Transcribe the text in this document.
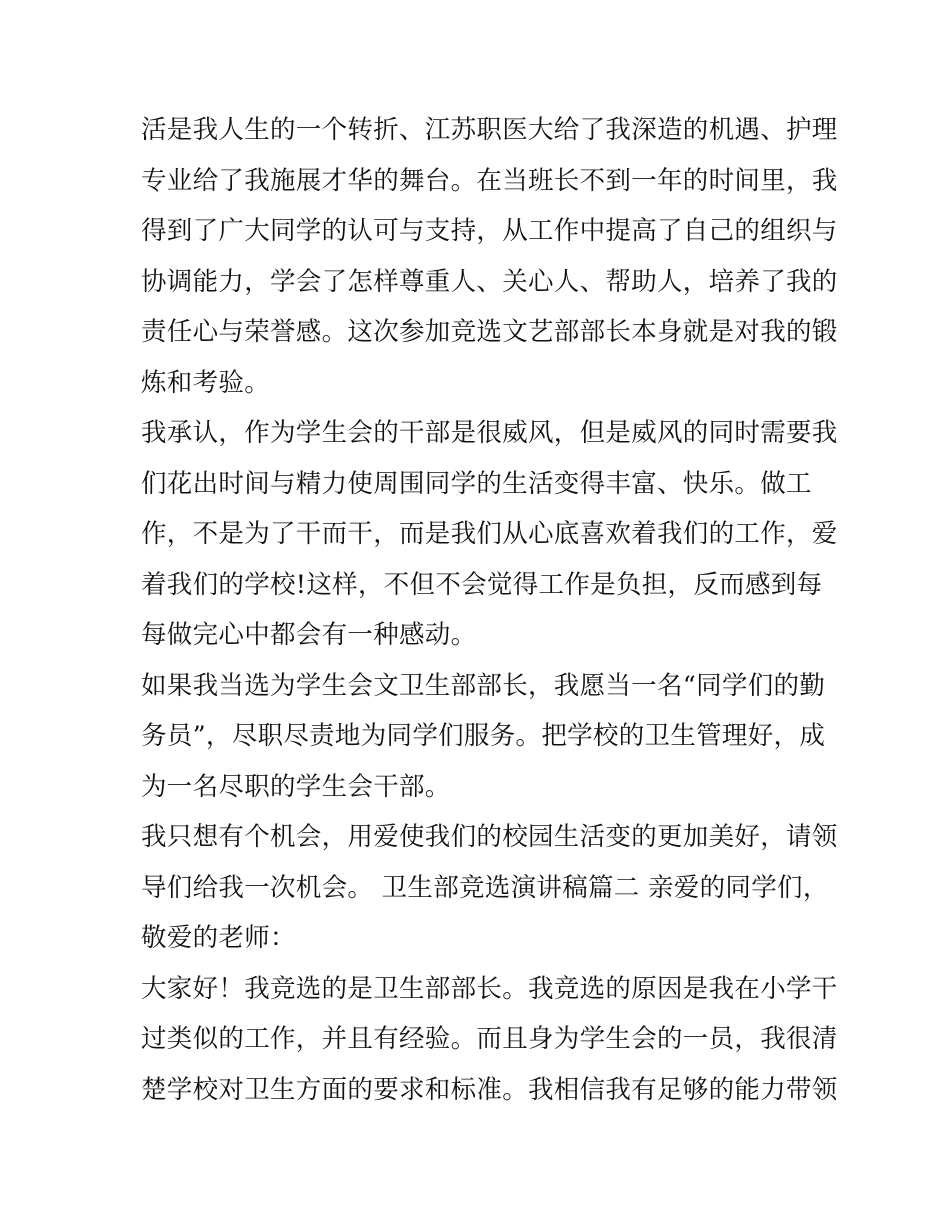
活是我人生的一个转折、江苏职医大给了我深造的机遇、护理
专业给了我施展才华的舞台。在当班长不到一年的时间里，我
得到了广大同学的认可与支持，从工作中提高了自己的组织与
协调能力，学会了怎样尊重人、关心人、帮助人，培养了我的
责任心与荣誉感。这次参加竞选文艺部部长本身就是对我的锻
炼和考验。
我承认，作为学生会的干部是很威风，但是威风的同时需要我
们花出时间与精力使周围同学的生活变得丰富、快乐。做工
作，不是为了干而干，而是我们从心底喜欢着我们的工作，爱
着我们的学校!这样，不但不会觉得工作是负担，反而感到每
每做完心中都会有一种感动。
如果我当选为学生会文卫生部部长，我愿当一名“同学们的勤
务员”，尽职尽责地为同学们服务。把学校的卫生管理好，成
为一名尽职的学生会干部。
我只想有个机会，用爱使我们的校园生活变的更加美好，请领
导们给我一次机会。 卫生部竞选演讲稿篇二 亲爱的同学们，
敬爱的老师：
大家好！我竞选的是卫生部部长。我竞选的原因是我在小学干
过类似的工作，并且有经验。而且身为学生会的一员，我很清
楚学校对卫生方面的要求和标准。我相信我有足够的能力带领
